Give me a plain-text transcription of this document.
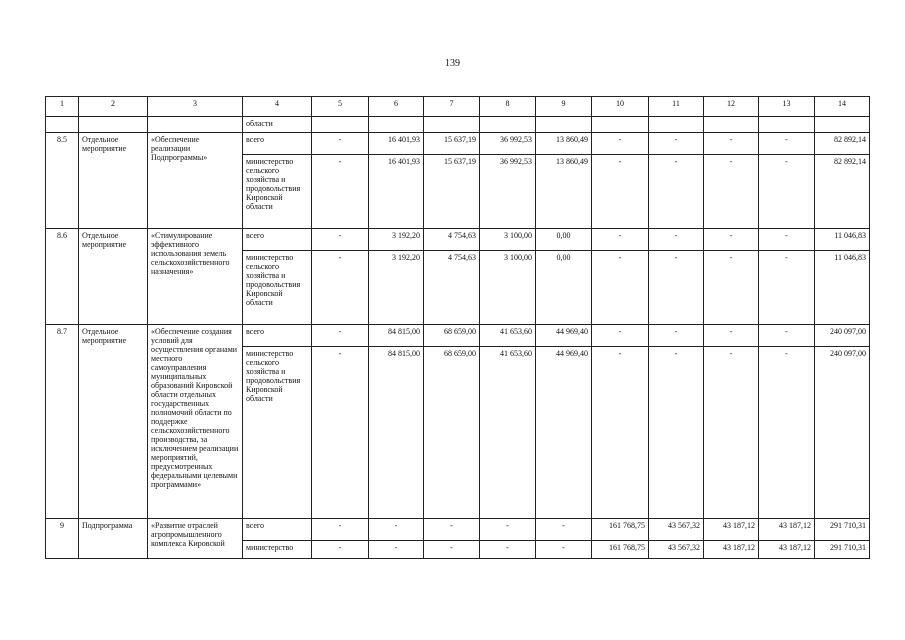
139
1	2	3	4	5	6	7	8	9	10	11	12	13	14
			области										
8.5	Отдельное мероприятие	«Обеспечение реализации Подпрограммы»	всего	-	16 401,93	15 637,19	36 992,53	13 860,49	-	-	-	-	82 892,14
			министерство сельского хозяйства и продовольствия Кировской области	-	16 401,93	15 637,19	36 992,53	13 860,49	-	-	-	-	82 892,14
8.6	Отдельное мероприятие	«Стимулирование эффективного использования земель сельскохозяйственного назначения»	всего	-	3 192,20	4 754,63	3 100,00	0,00	-	-	-	-	11 046,83
			министерство сельского хозяйства и продовольствия Кировской области	-	3 192,20	4 754,63	3 100,00	0,00	-	-	-	-	11 046,83
8.7	Отдельное мероприятие	«Обеспечение создания условий для осуществления органами местного самоуправления муниципальных образований Кировской области отдельных государственных полномочий области по поддержке сельскохозяйственного производства, за исключением реализации мероприятий, предусмотренных федеральными целевыми программами»	всего	-	84 815,00	68 659,00	41 653,60	44 969,40	-	-	-	-	240 097,00
			министерство сельского хозяйства и продовольствия Кировской области	-	84 815,00	68 659,00	41 653,60	44 969,40	-	-	-	-	240 097,00
9	Подпрограмма	«Развитие отраслей агропромышленного комплекса Кировской	всего	-	-	-	-	-	161 768,75	43 567,32	43 187,12	43 187,12	291 710,31
			министерство	-	-	-	-	-	161 768,75	43 567,32	43 187,12	43 187,12	291 710,31
